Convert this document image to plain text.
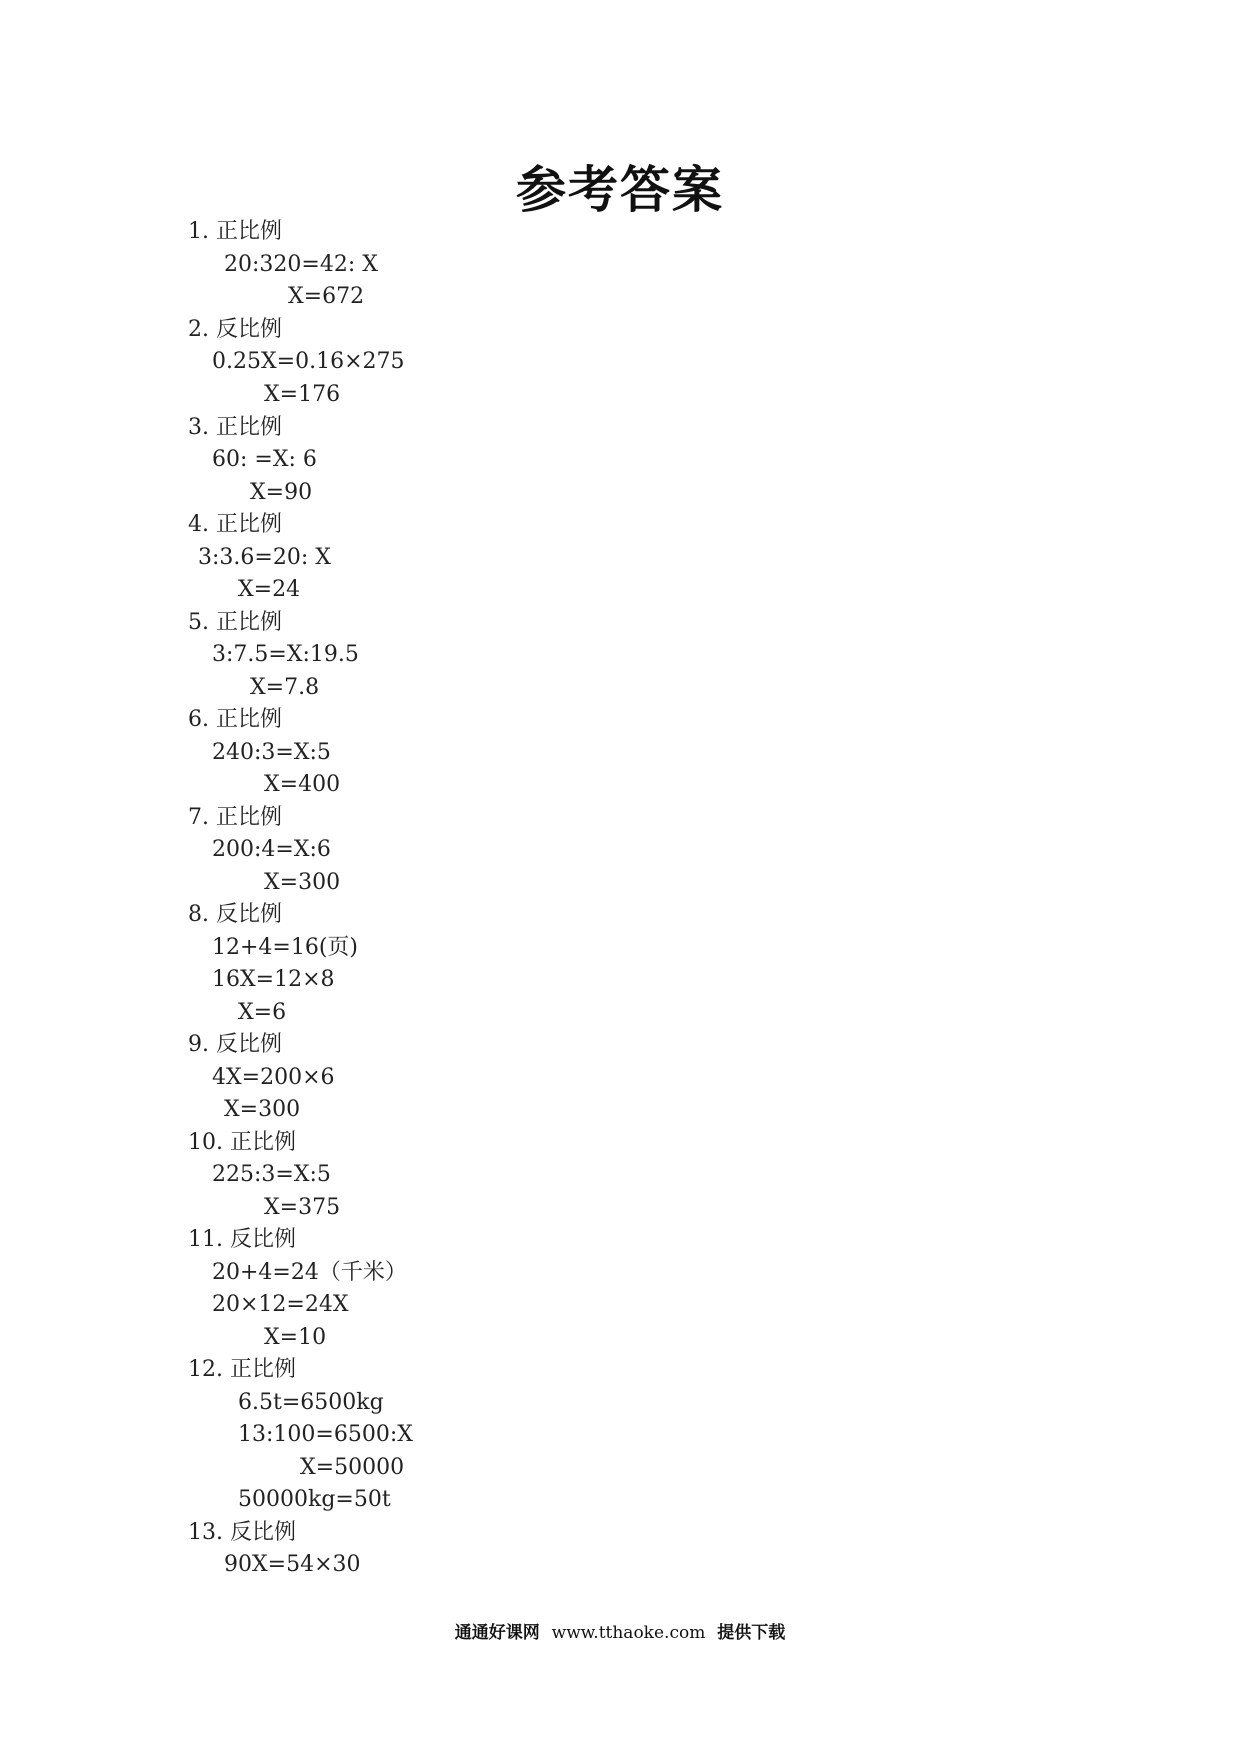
参考答案
1. 正比例
20:320=42: X
X=672
2. 反比例
0.25X=0.16×275
X=176
3. 正比例
60: =X: 6
X=90
4. 正比例
3:3.6=20: X
X=24
5. 正比例
3:7.5=X:19.5
X=7.8
6. 正比例
240:3=X:5
X=400
7. 正比例
200:4=X:6
X=300
8. 反比例
12+4=16(页)
16X=12×8
X=6
9. 反比例
4X=200×6
X=300
10. 正比例
225:3=X:5
X=375
11. 反比例
20+4=24（千米）
20×12=24X
X=10
12. 正比例
6.5t=6500kg
13:100=6500:X
X=50000
50000kg=50t
13. 反比例
90X=54×30
通通好课网 www.tthaoke.com 提供下载
